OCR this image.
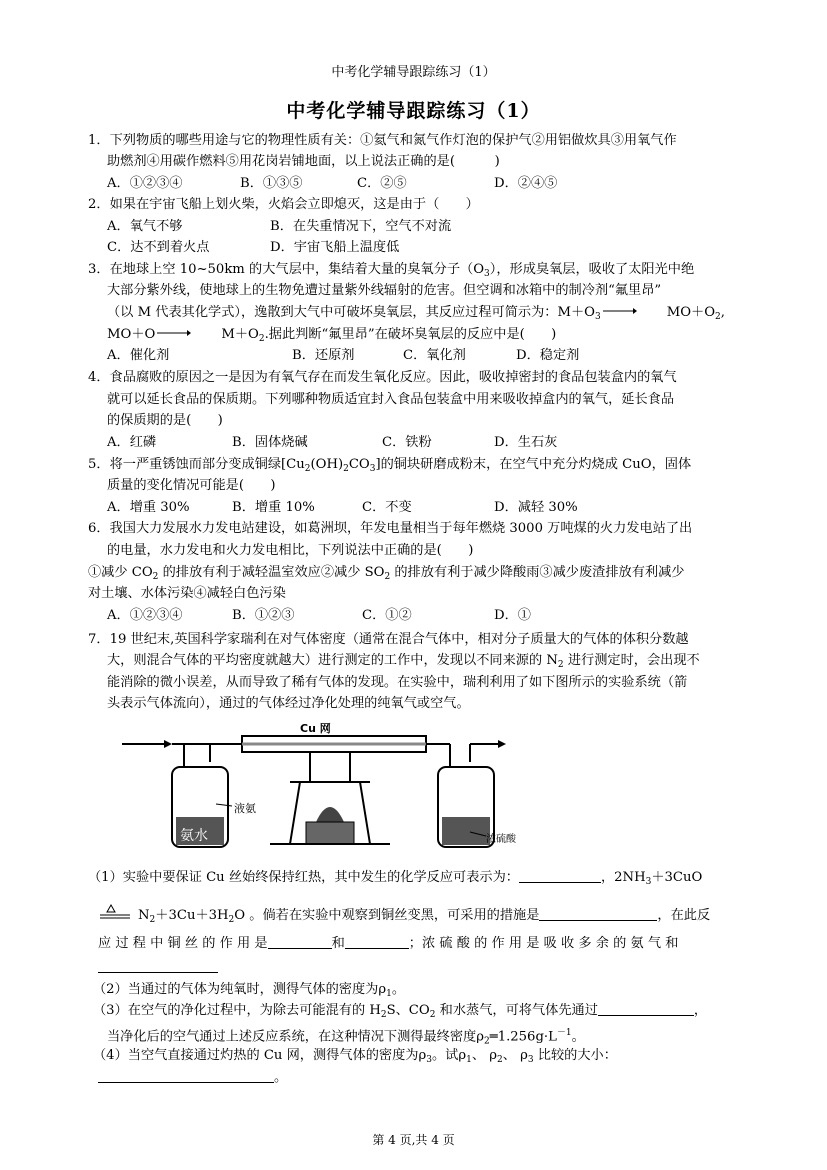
中考化学辅导跟踪练习（1）
中考化学辅导跟踪练习（1）
1．下列物质的哪些用途与它的物理性质有关：①氦气和氮气作灯泡的保护气②用铝做炊具③用氧气作
助燃剂④用碳作燃料⑤用花岗岩铺地面，以上说法正确的是(　　　)
A．①②③④	B．①③⑤	C．②⑤	D．②④⑤
2．如果在宇宙飞船上划火柴，火焰会立即熄灭，这是由于（　　）
A．氧气不够	B．在失重情况下，空气不对流
C．达不到着火点	D．宇宙飞船上温度低
3．在地球上空 10~50km 的大气层中，集结着大量的臭氧分子$(O_3)$，形成臭氧层，吸收了太阳光中绝
大部分紫外线，使地球上的生物免遭过量紫外线辐射的危害。但空调和冰箱中的制冷剂“氟里昂”
（以 M 代表其化学式），逸散到大气中可破坏臭氧层，其反应过程可简示为：$M+O_3\to MO+O_2$,
$MO+O\to M+O_2$.据此判断“氟里昂”在破坏臭氧层的反应中是(　　)
A．催化剂	B．还原剂	C．氧化剂	D．稳定剂
4．食品腐败的原因之一是因为有氧气存在而发生氧化反应。因此，吸收掉密封的食品包装盒内的氧气
就可以延长食品的保质期。下列哪种物质适宜封入食品包装盒中用来吸收掉盒内的氧气，延长食品
的保质期的是(　　)
A．红磷	B．固体烧碱	C．铁粉	D．生石灰
5．将一严重锈蚀而部分变成铜绿$[Cu_2(OH)_2CO_3]$的铜块研磨成粉末，在空气中充分灼烧成 CuO，固体
质量的变化情况可能是(　　)
A．增重 30%	B．增重 10%	C．不变	D．减轻 30%
6．我国大力发展水力发电站建设，如葛洲坝，年发电量相当于每年燃烧 3000 万吨煤的火力发电站了出
的电量，水力发电和火力发电相比，下列说法中正确的是(　　)
①减少 $CO_2$ 的排放有利于减轻温室效应②减少 $SO_2$ 的排放有利于减少降酸雨③减少废渣排放有利减少
对土壤、水体污染④减轻白色污染
A．①②③④	B．①②③	C．①②	D．①
7．19 世纪末,英国科学家瑞利在对气体密度（通常在混合气体中，相对分子质量大的气体的体积分数越
大，则混合气体的平均密度就越大）进行测定的工作中，发现以不同来源的 $N_2$ 进行测定时，会出现不
能消除的微小误差，从而导致了稀有气体的发现。在实验中，瑞利利用了如下图所示的实验系统（箭
头表示气体流向），通过的气体经过净化处理的纯氧气或空气。
氨水
液氨
Cu 网
浓硫酸
（1）实验中要保证 Cu 丝始终保持红热，其中发生的化学反应可表示为：	，$2NH_3+3CuO$
$N_2+3Cu+3H_2O$ 。倘若在实验中观察到铜丝变黑，可采用的措施是	，在此反
应 过 程 中 铜 丝 的 作 用 是	和	；浓 硫 酸 的 作 用 是 吸 收 多 余 的 氨 气 和
（2）当通过的气体为纯氧时，测得气体的密度为$\rho_1$。
（3）在空气的净化过程中，为除去可能混有的 $H_2S$、$CO_2$ 和水蒸气，可将气体先通过	，
当净化后的空气通过上述反应系统，在这种情况下测得最终密度$\rho_2═1.256g\cdot L^{-1}$。
（4）当空气直接通过灼热的 Cu 网，测得气体的密度为$\rho_3$。试$\rho_1$、 $\rho_2$、 $\rho_3$ 比较的大小：
。
第 4 页,共 4 页
